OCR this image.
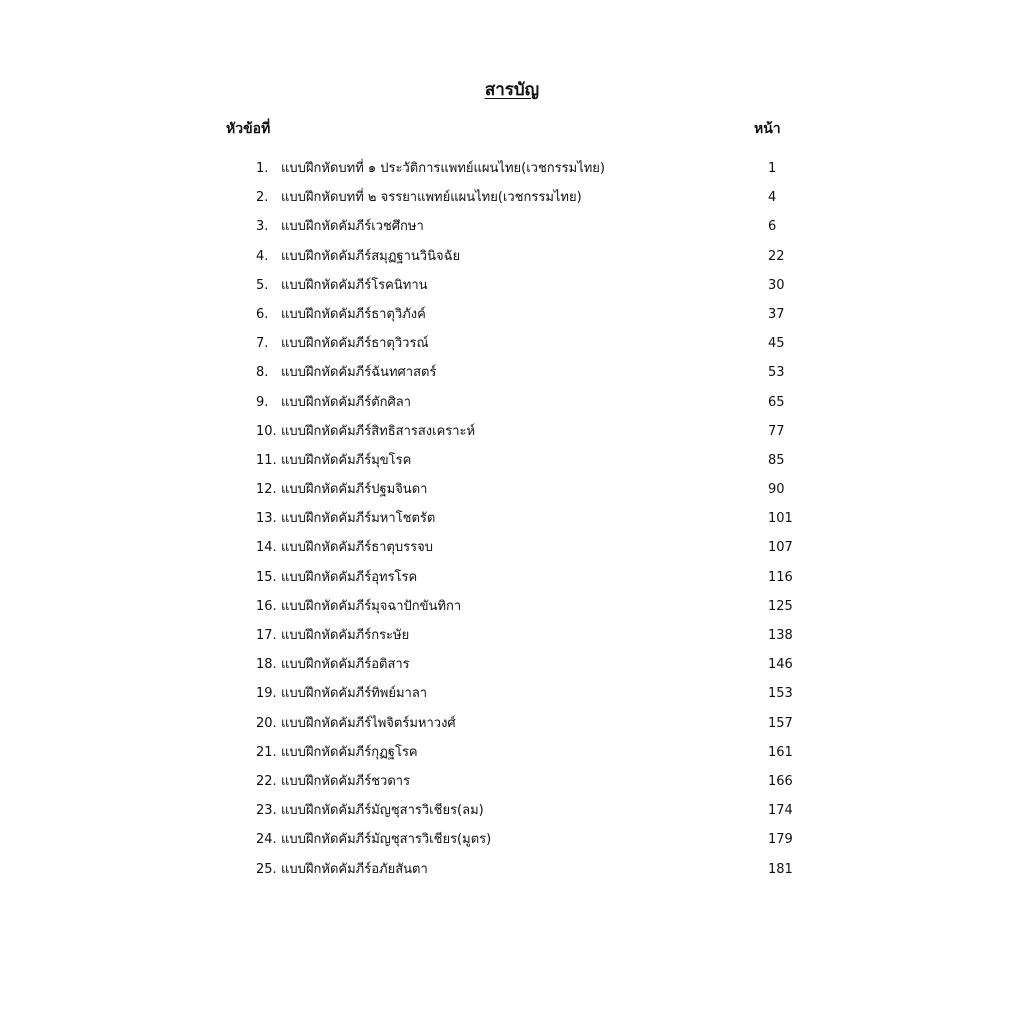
สารบัญ
หัวข้อที่	หน้า
1. แบบฝึกหัดบทที่ ๑ ประวัติการแพทย์แผนไทย(เวชกรรมไทย)	1
2. แบบฝึกหัดบทที่ ๒ จรรยาแพทย์แผนไทย(เวชกรรมไทย)	4
3. แบบฝึกหัดคัมภีร์เวชศึกษา	6
4. แบบฝึกหัดคัมภีร์สมุฏฐานวินิจฉัย	22
5. แบบฝึกหัดคัมภีร์โรคนิทาน	30
6. แบบฝึกหัดคัมภีร์ธาตุวิภังค์	37
7. แบบฝึกหัดคัมภีร์ธาตุวิวรณ์	45
8. แบบฝึกหัดคัมภีร์ฉันทศาสตร์	53
9. แบบฝึกหัดคัมภีร์ตักศิลา	65
10. แบบฝึกหัดคัมภีร์สิทธิสารสงเคราะห์	77
11. แบบฝึกหัดคัมภีร์มุขโรค	85
12. แบบฝึกหัดคัมภีร์ปฐมจินดา	90
13. แบบฝึกหัดคัมภีร์มหาโชตรัต	101
14. แบบฝึกหัดคัมภีร์ธาตุบรรจบ	107
15. แบบฝึกหัดคัมภีร์อุทรโรค	116
16. แบบฝึกหัดคัมภีร์มุจฉาปักขันทิกา	125
17. แบบฝึกหัดคัมภีร์กระษัย	138
18. แบบฝึกหัดคัมภีร์อติสาร	146
19. แบบฝึกหัดคัมภีร์ทิพย์มาลา	153
20. แบบฝึกหัดคัมภีร์ไพจิตร์มหาวงศ์	157
21. แบบฝึกหัดคัมภีร์กุฏฐโรค	161
22. แบบฝึกหัดคัมภีร์ชวดาร	166
23. แบบฝึกหัดคัมภีร์มัญชุสารวิเชียร(ลม)	174
24. แบบฝึกหัดคัมภีร์มัญชุสารวิเชียร(มูตร)	179
25. แบบฝึกหัดคัมภีร์อภัยสันตา	181
